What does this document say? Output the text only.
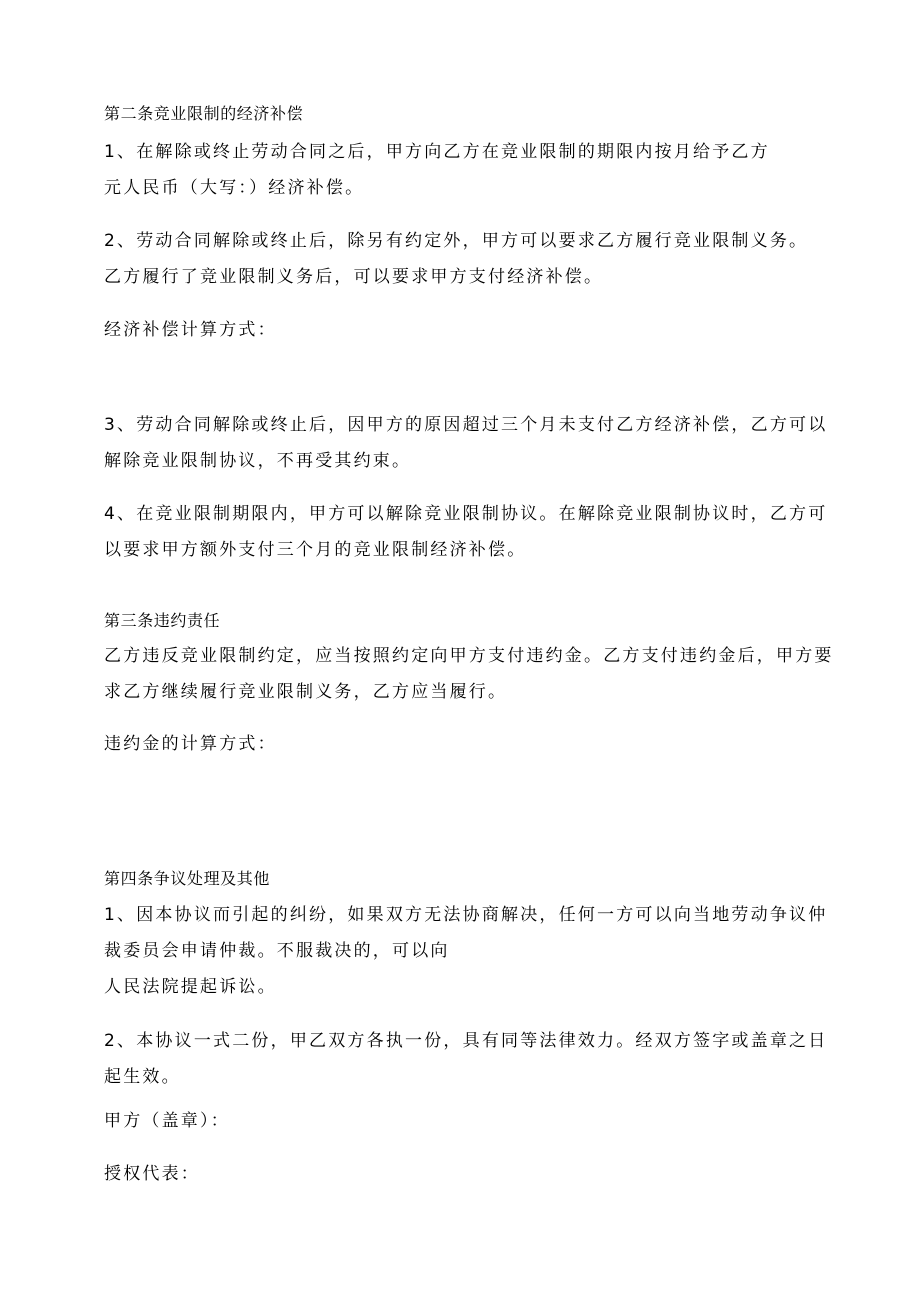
第二条竞业限制的经济补偿
1、在解除或终止劳动合同之后，甲方向乙方在竞业限制的期限内按月给予乙方
元人民币（大写：）经济补偿。
2、劳动合同解除或终止后，除另有约定外，甲方可以要求乙方履行竞业限制义务。
乙方履行了竞业限制义务后，可以要求甲方支付经济补偿。
经济补偿计算方式：
3、劳动合同解除或终止后，因甲方的原因超过三个月未支付乙方经济补偿，乙方可以
解除竞业限制协议，不再受其约束。
4、在竞业限制期限内，甲方可以解除竞业限制协议。在解除竞业限制协议时，乙方可
以要求甲方额外支付三个月的竞业限制经济补偿。
第三条违约责任
乙方违反竞业限制约定，应当按照约定向甲方支付违约金。乙方支付违约金后，甲方要
求乙方继续履行竞业限制义务，乙方应当履行。
违约金的计算方式：
第四条争议处理及其他
1、因本协议而引起的纠纷，如果双方无法协商解决，任何一方可以向当地劳动争议仲
裁委员会申请仲裁。不服裁决的，可以向
人民法院提起诉讼。
2、本协议一式二份，甲乙双方各执一份，具有同等法律效力。经双方签字或盖章之日
起生效。
甲方（盖章）：
授权代表：
